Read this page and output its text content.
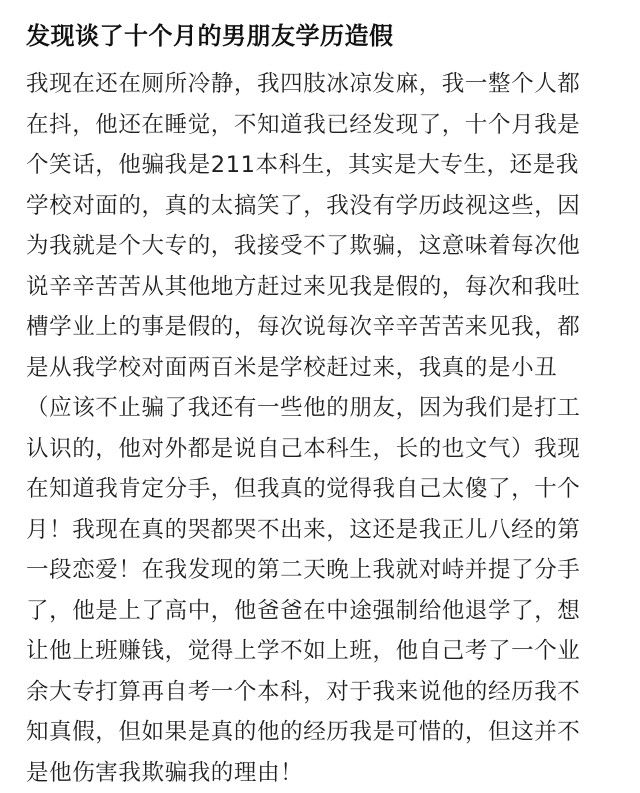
发现谈了十个月的男朋友学历造假
我现在还在厕所冷静，我四肢冰凉发麻，我一整个人都
在抖，他还在睡觉，不知道我已经发现了，十个月我是
个笑话，他骗我是211本科生，其实是大专生，还是我
学校对面的，真的太搞笑了，我没有学历歧视这些，因
为我就是个大专的，我接受不了欺骗，这意味着每次他
说辛辛苦苦从其他地方赶过来见我是假的，每次和我吐
槽学业上的事是假的，每次说每次辛辛苦苦来见我，都
是从我学校对面两百米是学校赶过来，我真的是小丑
（应该不止骗了我还有一些他的朋友，因为我们是打工
认识的，他对外都是说自己本科生，长的也文气）我现
在知道我肯定分手，但我真的觉得我自己太傻了，十个
月！我现在真的哭都哭不出来，这还是我正儿八经的第
一段恋爱！在我发现的第二天晚上我就对峙并提了分手
了，他是上了高中，他爸爸在中途强制给他退学了，想
让他上班赚钱，觉得上学不如上班，他自己考了一个业
余大专打算再自考一个本科，对于我来说他的经历我不
知真假，但如果是真的他的经历我是可惜的，但这并不
是他伤害我欺骗我的理由！
